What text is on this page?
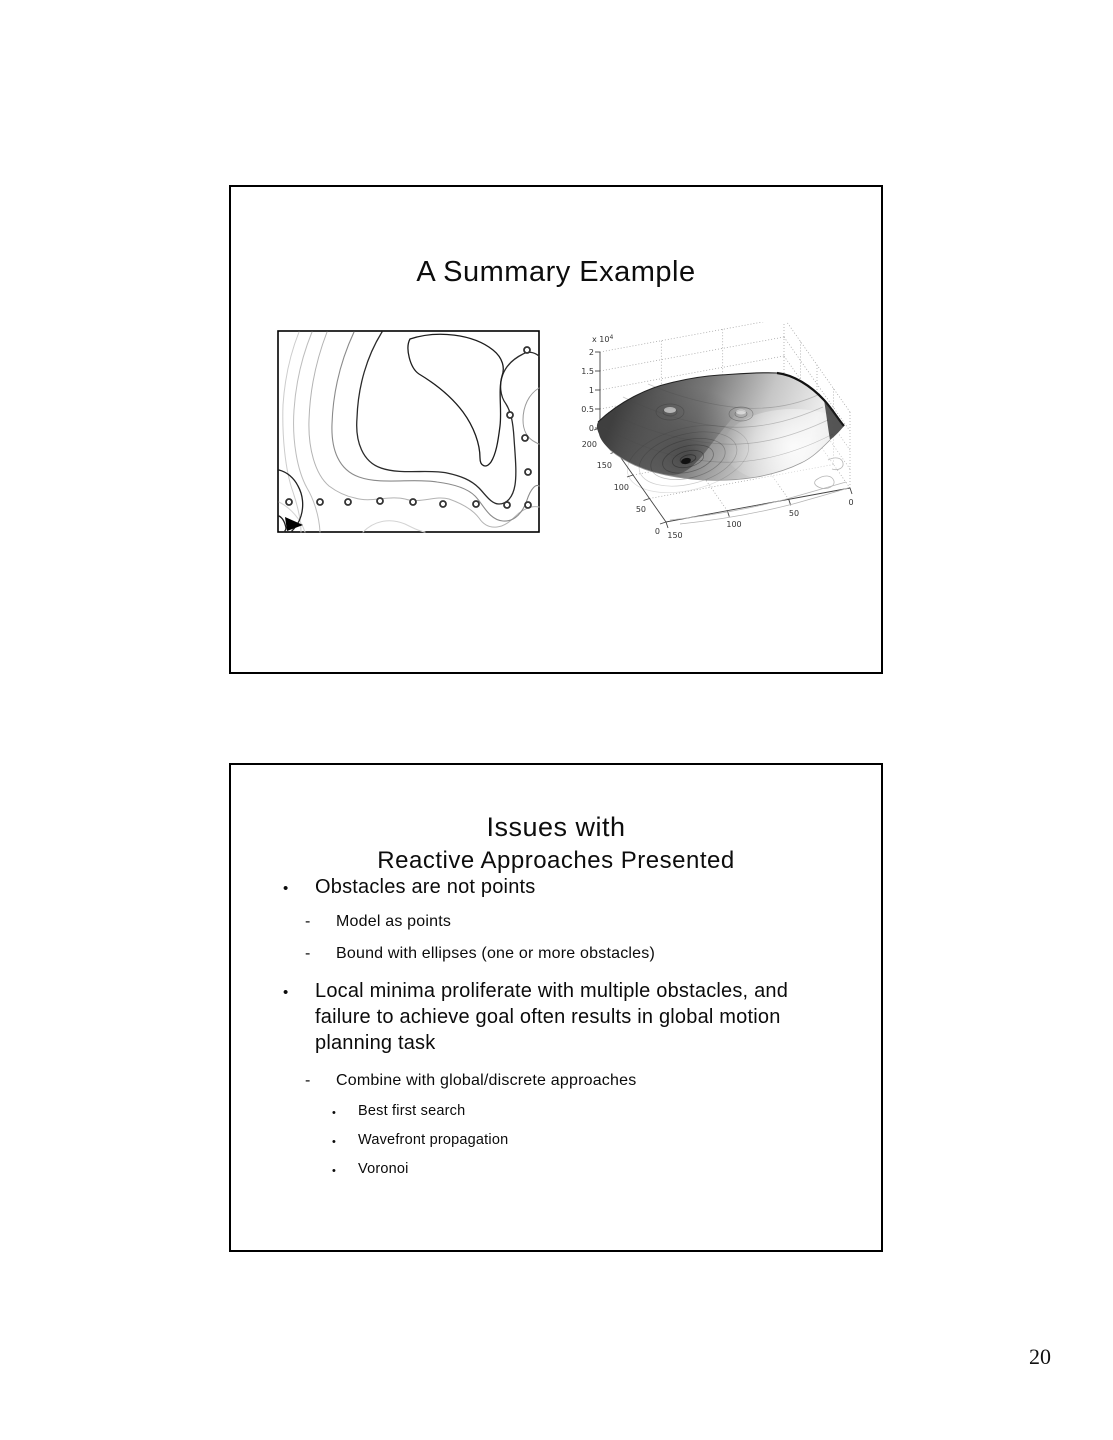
A Summary Example
x $10^4$
2
1.5
1
0.5
0
200
150
100
50
0 150
100
50
0
Issues with
Reactive Approaches Presented
•	Obstacles are not points
-	Model as points
-	Bound with ellipses (one or more obstacles)
•	Local minima proliferate with multiple obstacles, and failure to achieve goal often results in global motion planning task
-	Combine with global/discrete approaches
•	Best first search
•	Wavefront propagation
•	Voronoi
20
